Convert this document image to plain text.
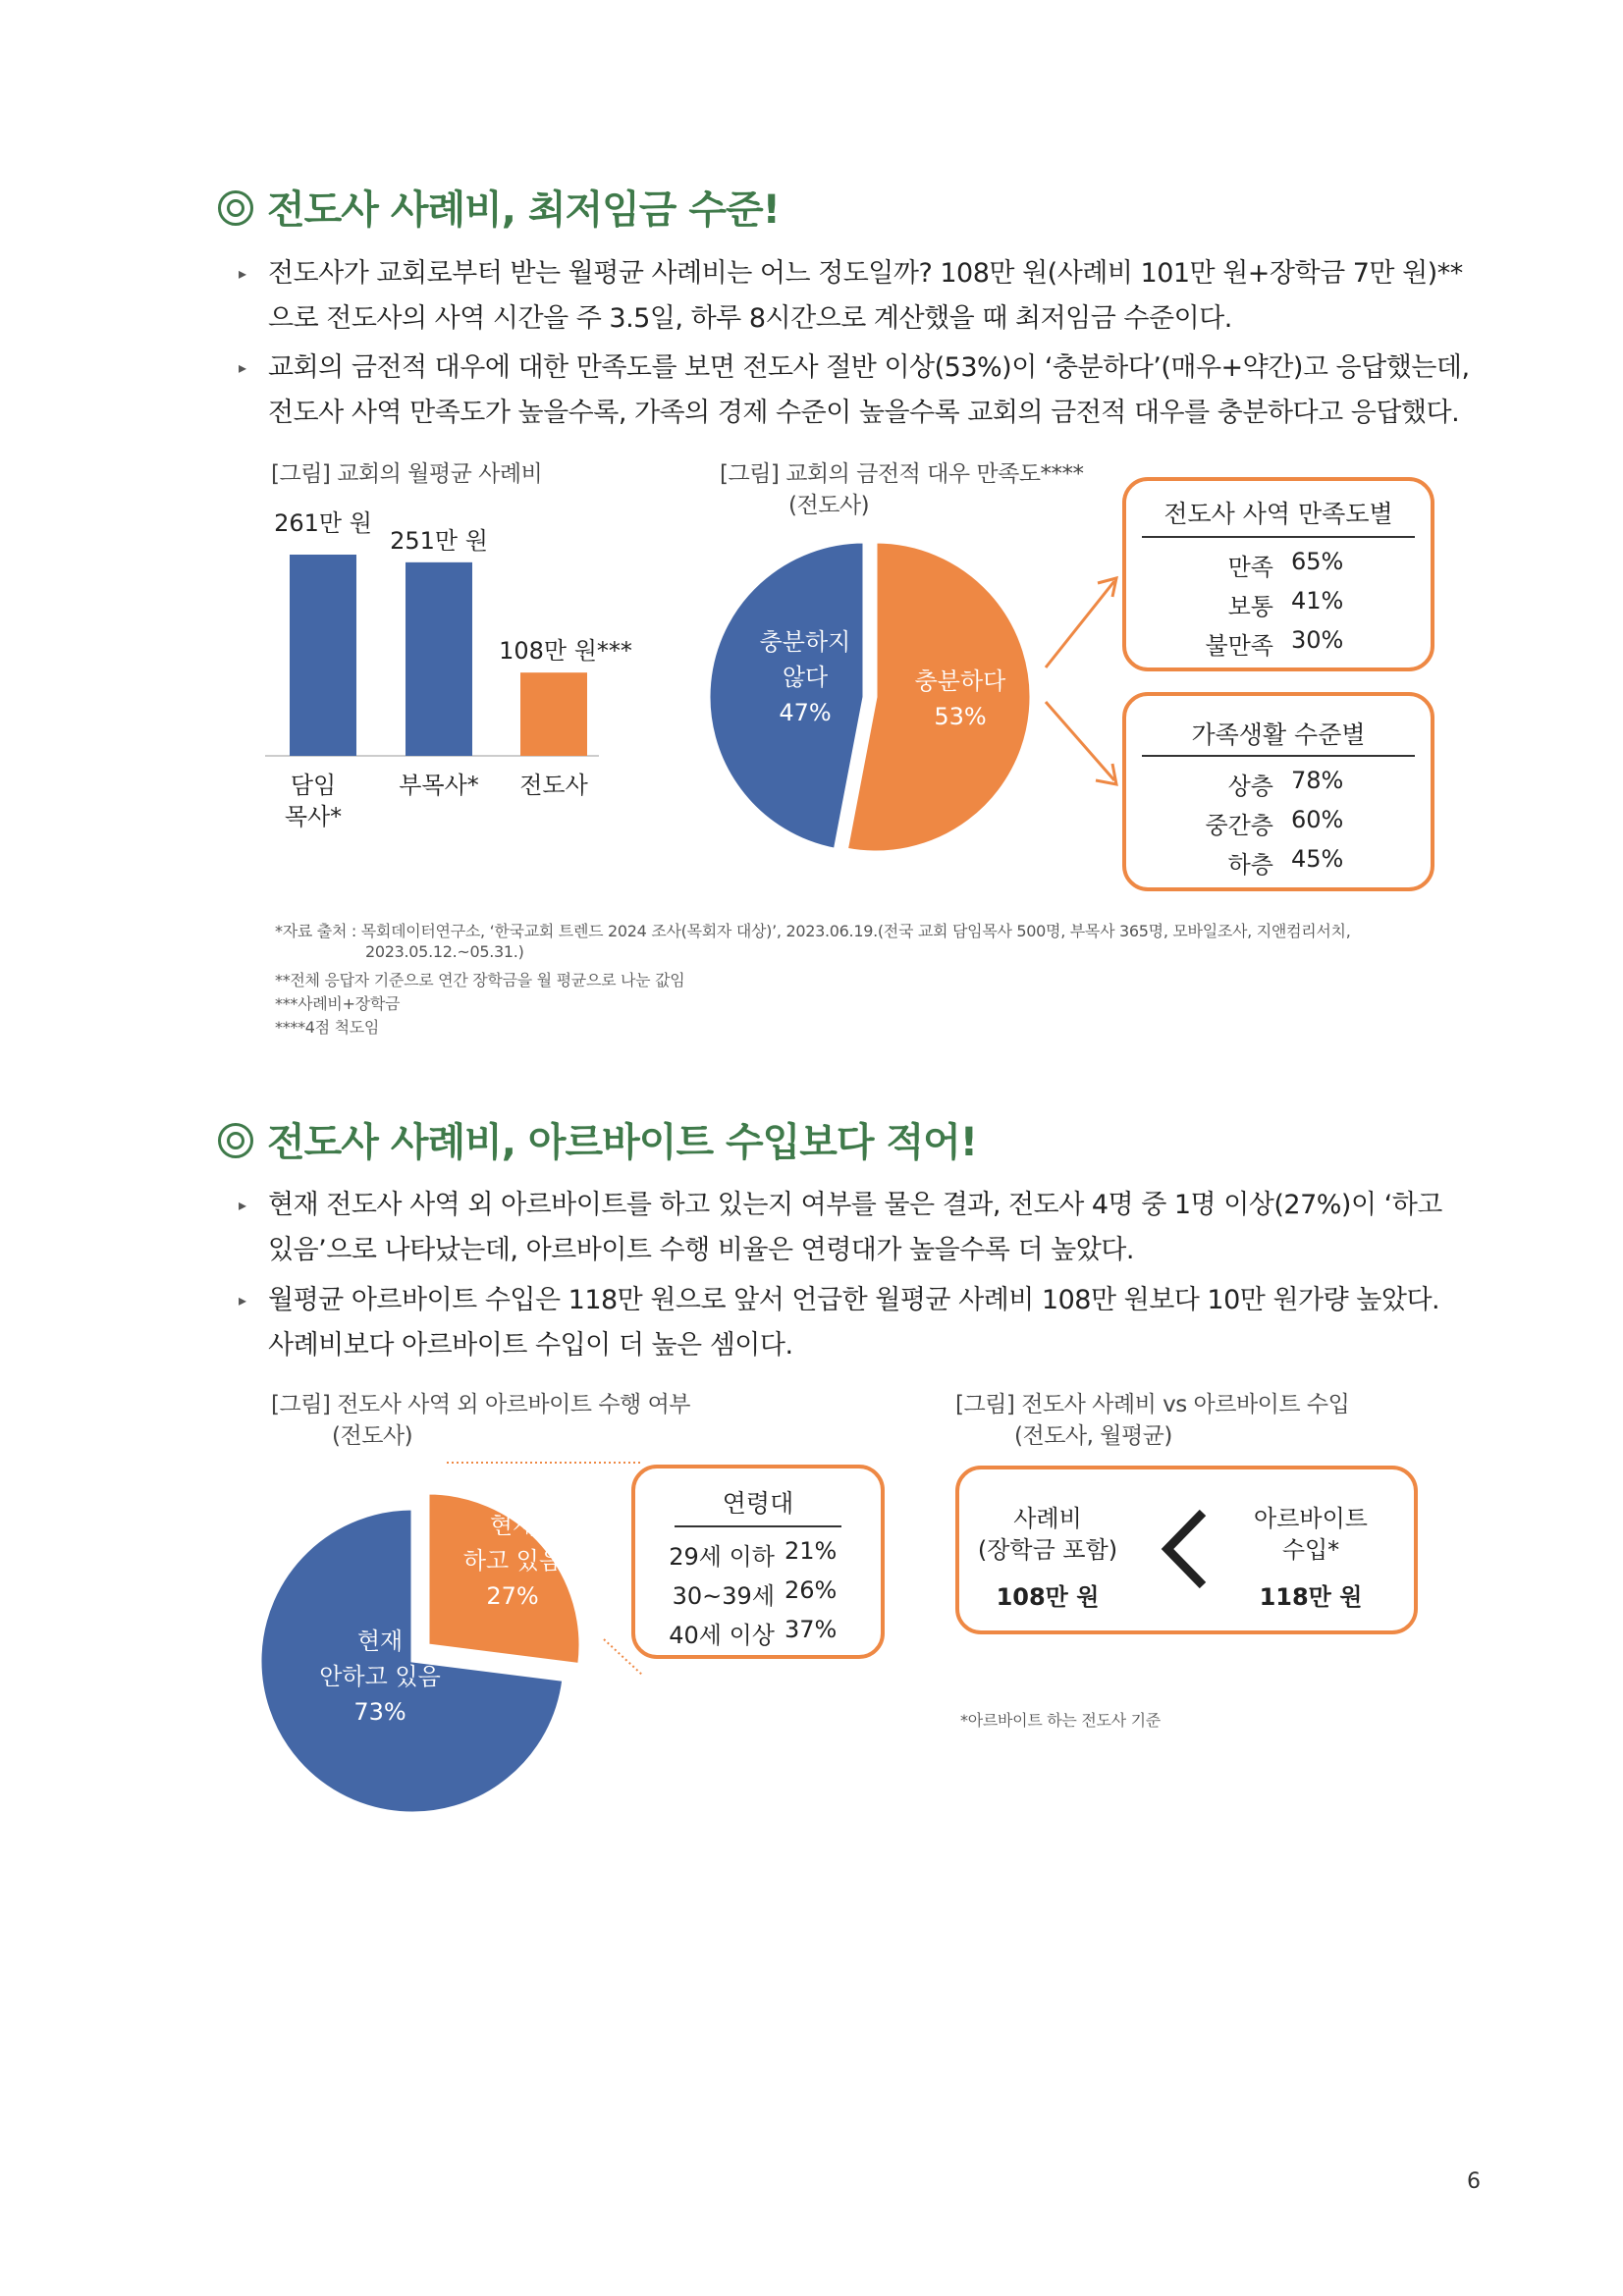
전도사 사례비, 최저임금 수준!
▸ 전도사가 교회로부터 받는 월평균 사례비는 어느 정도일까? 108만 원(사례비 101만 원+장학금 7만 원)**
으로 전도사의 사역 시간을 주 3.5일, 하루 8시간으로 계산했을 때 최저임금 수준이다.
▸ 교회의 금전적 대우에 대한 만족도를 보면 전도사 절반 이상(53%)이 ‘충분하다’(매우+약간)고 응답했는데,
전도사 사역 만족도가 높을수록, 가족의 경제 수준이 높을수록 교회의 금전적 대우를 충분하다고 응답했다.
[그림] 교회의 월평균 사례비
261만 원
담임
목사*
251만 원
부목사*
108만 원***
전도사
[그림] 교회의 금전적 대우 만족도****
(전도사)
충분하다
53%
충분하지
않다
47%
전도사 사역 만족도별
만족 65%
보통 41%
불만족 30%
가족생활 수준별
상층 78%
중간층 60%
하층 45%
*자료 출처 : 목회데이터연구소, ‘한국교회 트렌드 2024 조사(목회자 대상)’, 2023.06.19.(전국 교회 담임목사 500명, 부목사 365명, 모바일조사, 지앤컴리서치,
2023.05.12.~05.31.)
**전체 응답자 기준으로 연간 장학금을 월 평균으로 나눈 값임
***사례비+장학금
****4점 척도임
전도사 사례비, 아르바이트 수입보다 적어!
▸ 현재 전도사 사역 외 아르바이트를 하고 있는지 여부를 물은 결과, 전도사 4명 중 1명 이상(27%)이 ‘하고
있음’으로 나타났는데, 아르바이트 수행 비율은 연령대가 높을수록 더 높았다.
▸ 월평균 아르바이트 수입은 118만 원으로 앞서 언급한 월평균 사례비 108만 원보다 10만 원가량 높았다.
사례비보다 아르바이트 수입이 더 높은 셈이다.
[그림] 전도사 사역 외 아르바이트 수행 여부
(전도사)
현재
하고 있음
27%
현재
안하고 있음
73%
연령대
29세 이하 21%
30~39세 26%
40세 이상 37%
[그림] 전도사 사례비 vs 아르바이트 수입
(전도사, 월평균)
사례비
(장학금 포함)
108만 원
아르바이트
수입*
118만 원
*아르바이트 하는 전도사 기준
6
